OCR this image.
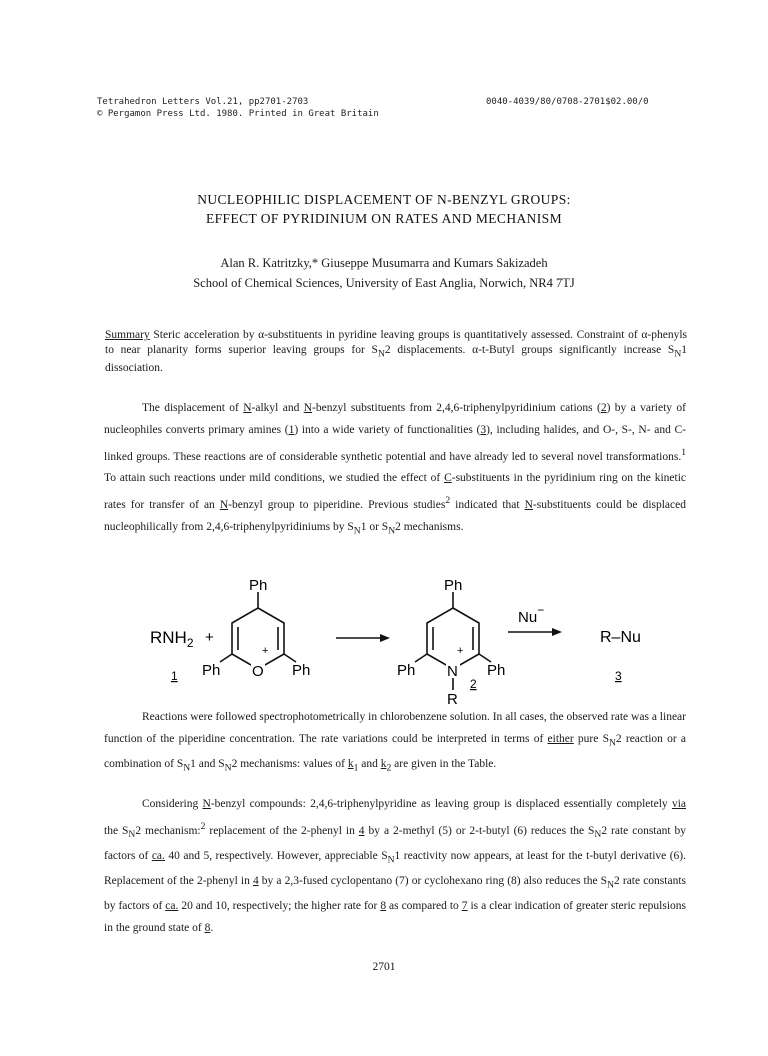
Tetrahedron Letters Vol.21, pp2701-2703
© Pergamon Press Ltd. 1980. Printed in Great Britain
0040-4039/80/0708-2701$02.00/0
NUCLEOPHILIC DISPLACEMENT OF N-BENZYL GROUPS:
EFFECT OF PYRIDINIUM ON RATES AND MECHANISM
Alan R. Katritzky,* Giuseppe Musumarra and Kumars Sakizadeh
School of Chemical Sciences, University of East Anglia, Norwich, NR4 7TJ
Summary Steric acceleration by α-substituents in pyridine leaving groups is quantitatively assessed. Constraint of α-phenyls to near planarity forms superior leaving groups for $S_N2$ displacements. α-t-Butyl groups significantly increase $S_N1$ dissociation.
The displacement of N-alkyl and N-benzyl substituents from 2,4,6-triphenylpyridinium cations (2) by a variety of nucleophiles converts primary amines (1) into a wide variety of functionalities (3), including halides, and O-, S-, N- and C-linked groups. These reactions are of considerable synthetic potential and have already led to several novel transformations.$^1$ To attain such reactions under mild conditions, we studied the effect of C-substituents in the pyridinium ring on the kinetic rates for transfer of an N-benzyl group to piperidine. Previous studies$^2$ indicated that N-substituents could be displaced nucleophilically from 2,4,6-triphenylpyridiniums by $S_N1$ or $S_N2$ mechanisms.
$RNH_2$ +
1
Ph
Ph	Ph
O
+
Ph
Ph	Ph
N
+
R
2
Nu−
R–Nu
3
Reactions were followed spectrophotometrically in chlorobenzene solution. In all cases, the observed rate was a linear function of the piperidine concentration. The rate variations could be interpreted in terms of either pure $S_N2$ reaction or a combination of $S_N1$ and $S_N2$ mechanisms: values of $k_1$ and $k_2$ are given in the Table.
Considering N-benzyl compounds: 2,4,6-triphenylpyridine as leaving group is displaced essentially completely via the $S_N2$ mechanism:$^2$ replacement of the 2-phenyl in 4 by a 2-methyl (5) or 2-t-butyl (6) reduces the $S_N2$ rate constant by factors of ca. 40 and 5, respectively. However, appreciable $S_N1$ reactivity now appears, at least for the t-butyl derivative (6). Replacement of the 2-phenyl in 4 by a 2,3-fused cyclopentano (7) or cyclohexano ring (8) also reduces the $S_N2$ rate constants by factors of ca. 20 and 10, respectively; the higher rate for 8 as compared to 7 is a clear indication of greater steric repulsions in the ground state of 8.
2701
